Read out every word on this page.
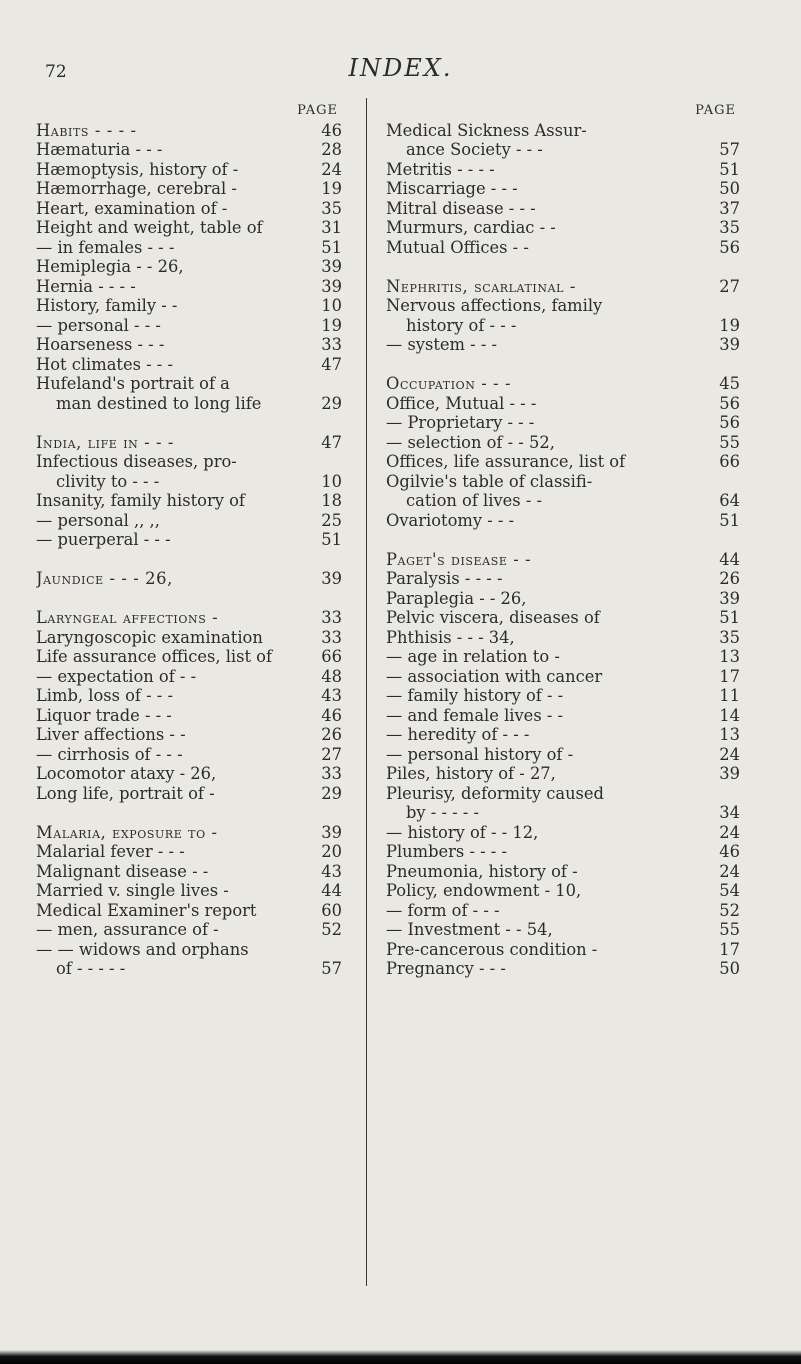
72	INDEX.
PAGE
Habits - - - -	46
Hæmaturia - - -	28
Hæmoptysis, history of -	24
Hæmorrhage, cerebral -	19
Heart, examination of -	35
Height and weight, table of	31
— in females - - -	51
Hemiplegia - - 26,	39
Hernia - - - -	39
History, family - -	10
— personal - - -	19
Hoarseness - - -	33
Hot climates - - -	47
Hufeland's portrait of a
man destined to long life	29
India, life in - - -	47
Infectious diseases, pro-
clivity to - - -	10
Insanity, family history of	18
— personal ,, ,,	25
— puerperal - - -	51
Jaundice - - - 26,	39
Laryngeal affections -	33
Laryngoscopic examination	33
Life assurance offices, list of	66
— expectation of - -	48
Limb, loss of - - -	43
Liquor trade - - -	46
Liver affections - -	26
— cirrhosis of - - -	27
Locomotor ataxy - 26,	33
Long life, portrait of -	29
Malaria, exposure to -	39
Malarial fever - - -	20
Malignant disease - -	43
Married v. single lives -	44
Medical Examiner's report	60
— men, assurance of -	52
— — widows and orphans
of - - - - -	57
PAGE
Medical Sickness Assur-
ance Society - - -	57
Metritis - - - -	51
Miscarriage - - -	50
Mitral disease - - -	37
Murmurs, cardiac - -	35
Mutual Offices - -	56
Nephritis, scarlatinal -	27
Nervous affections, family
history of - - -	19
— system - - -	39
Occupation - - -	45
Office, Mutual - - -	56
— Proprietary - - -	56
— selection of - - 52,	55
Offices, life assurance, list of	66
Ogilvie's table of classifi-
cation of lives - -	64
Ovariotomy - - -	51
Paget's disease - -	44
Paralysis - - - -	26
Paraplegia - - 26,	39
Pelvic viscera, diseases of	51
Phthisis - - - 34,	35
— age in relation to -	13
— association with cancer	17
— family history of - -	11
— and female lives - -	14
— heredity of - - -	13
— personal history of -	24
Piles, history of - 27,	39
Pleurisy, deformity caused
by - - - - -	34
— history of - - 12,	24
Plumbers - - - -	46
Pneumonia, history of -	24
Policy, endowment - 10,	54
— form of - - -	52
— Investment - - 54,	55
Pre-cancerous condition -	17
Pregnancy - - -	50
